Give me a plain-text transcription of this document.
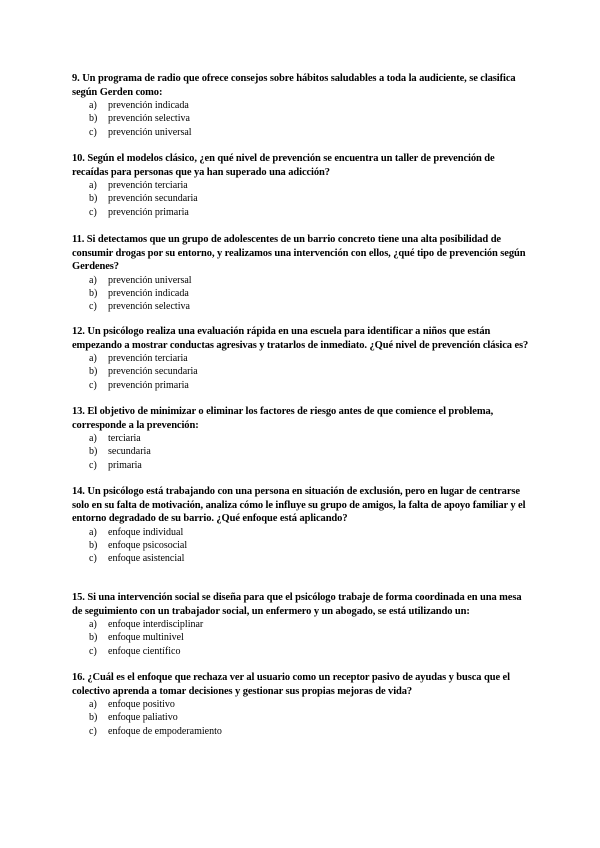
9. Un programa de radio que ofrece consejos sobre hábitos saludables a toda la audiciente, se clasifica según Gerden como:

a) prevención indicada
b) prevención selectiva
c) prevención universal

10. Según el modelos clásico, ¿en qué nivel de prevención se encuentra un taller de prevención de recaídas para personas que ya han superado una adicción?

a) prevención terciaria
b) prevención secundaria
c) prevención primaria

11. Si detectamos que un grupo de adolescentes de un barrio concreto tiene una alta posibilidad de consumir drogas por su entorno, y realizamos una intervención con ellos, ¿qué tipo de prevención según Gerdenes?

a) prevención universal
b) prevención indicada
c) prevención selectiva

12. Un psicólogo realiza una evaluación rápida en una escuela para identificar a niños que están empezando a mostrar conductas agresivas y tratarlos de inmediato. ¿Qué nivel de prevención clásica es?

a) prevención terciaria
b) prevención secundaria
c) prevención primaria

13. El objetivo de minimizar o eliminar los factores de riesgo antes de que comience el problema, corresponde a la prevención:

a) terciaria
b) secundaria
c) primaria

14. Un psicólogo está trabajando con una persona en situación de exclusión, pero en lugar de centrarse solo en su falta de motivación, analiza cómo le influye su grupo de amigos, la falta de apoyo familiar y el entorno degradado de su barrio. ¿Qué enfoque está aplicando?

a) enfoque individual
b) enfoque psicosocial
c) enfoque asistencial

15. Si una intervención social se diseña para que el psicólogo trabaje de forma coordinada en una mesa de seguimiento con un trabajador social, un enfermero y un abogado, se está utilizando un:

a) enfoque interdisciplinar
b) enfoque multinivel
c) enfoque científico

16. ¿Cuál es el enfoque que rechaza ver al usuario como un receptor pasivo de ayudas y busca que el colectivo aprenda a tomar decisiones y gestionar sus propias mejoras de vida?

a) enfoque positivo
b) enfoque paliativo
c) enfoque de empoderamiento
